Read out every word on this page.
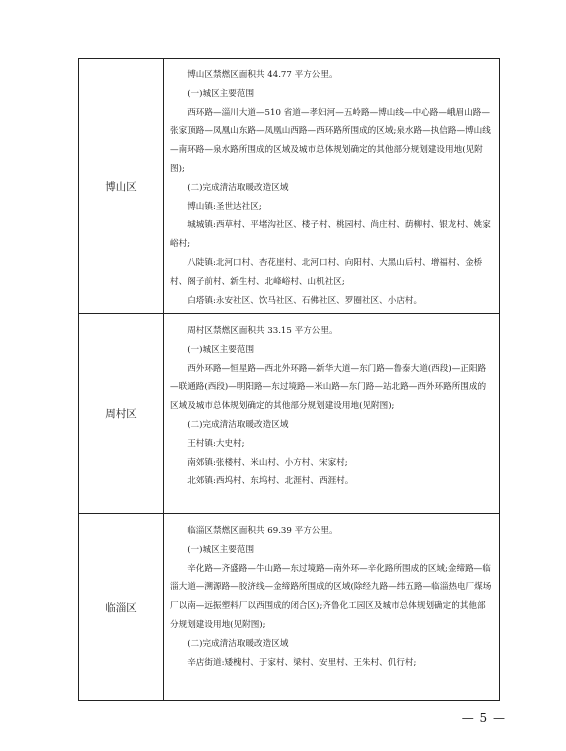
博山区

博山区禁燃区面积共 44.77 平方公里。

(一)城区主要范围

西环路—淄川大道—510 省道—孝妇河—五岭路—博山线—中心路—峨眉山路—张家顶路—凤凰山东路—凤凰山西路—西环路所围成的区域;泉水路—执信路—博山线—南环路—泉水路所围成的区域及城市总体规划确定的其他部分规划建设用地(见附图);

(二)完成清洁取暖改造区域

博山镇:圣世达社区;

城城镇:西草村、平堵沟社区、楼子村、桃园村、尚庄村、荫柳村、银龙村、姚家峪村;

八陡镇:北河口村、杏花崖村、北河口村、向阳村、大黑山后村、增福村、金桥村、阁子前村、新生村、北峰峪村、山机社区;

白塔镇:永安社区、饮马社区、石佛社区、罗圈社区、小店村。

周村区

周村区禁燃区面积共 33.15 平方公里。

(一)城区主要范围

西外环路—恒星路—西北外环路—新华大道—东门路—鲁泰大道(西段)—正阳路—联通路(西段)—明阳路—东过境路—米山路—东门路—站北路—西外环路所围成的区域及城市总体规划确定的其他部分规划建设用地(见附图);

(二)完成清洁取暖改造区域

王村镇:大史村;

南郊镇:张楼村、米山村、小方村、宋家村;

北郊镇:西坞村、东坞村、北涯村、西涯村。

临淄区

临淄区禁燃区面积共 69.39 平方公里。

(一)城区主要范围

辛化路—齐盛路—牛山路—东过境路—南外环—辛化路所围成的区域;金缔路—临淄大道—溯源路—胶济线—金缔路所围成的区域(除经九路—纬五路—临淄热电厂煤场厂以南—远振塑料厂以西围成的闭合区);齐鲁化工园区及城市总体规划确定的其他部分规划建设用地(见附图);

(二)完成清洁取暖改造区域

辛店街道:矮槐村、于家村、梁村、安里村、王朱村、仉行村;

— 5 —
